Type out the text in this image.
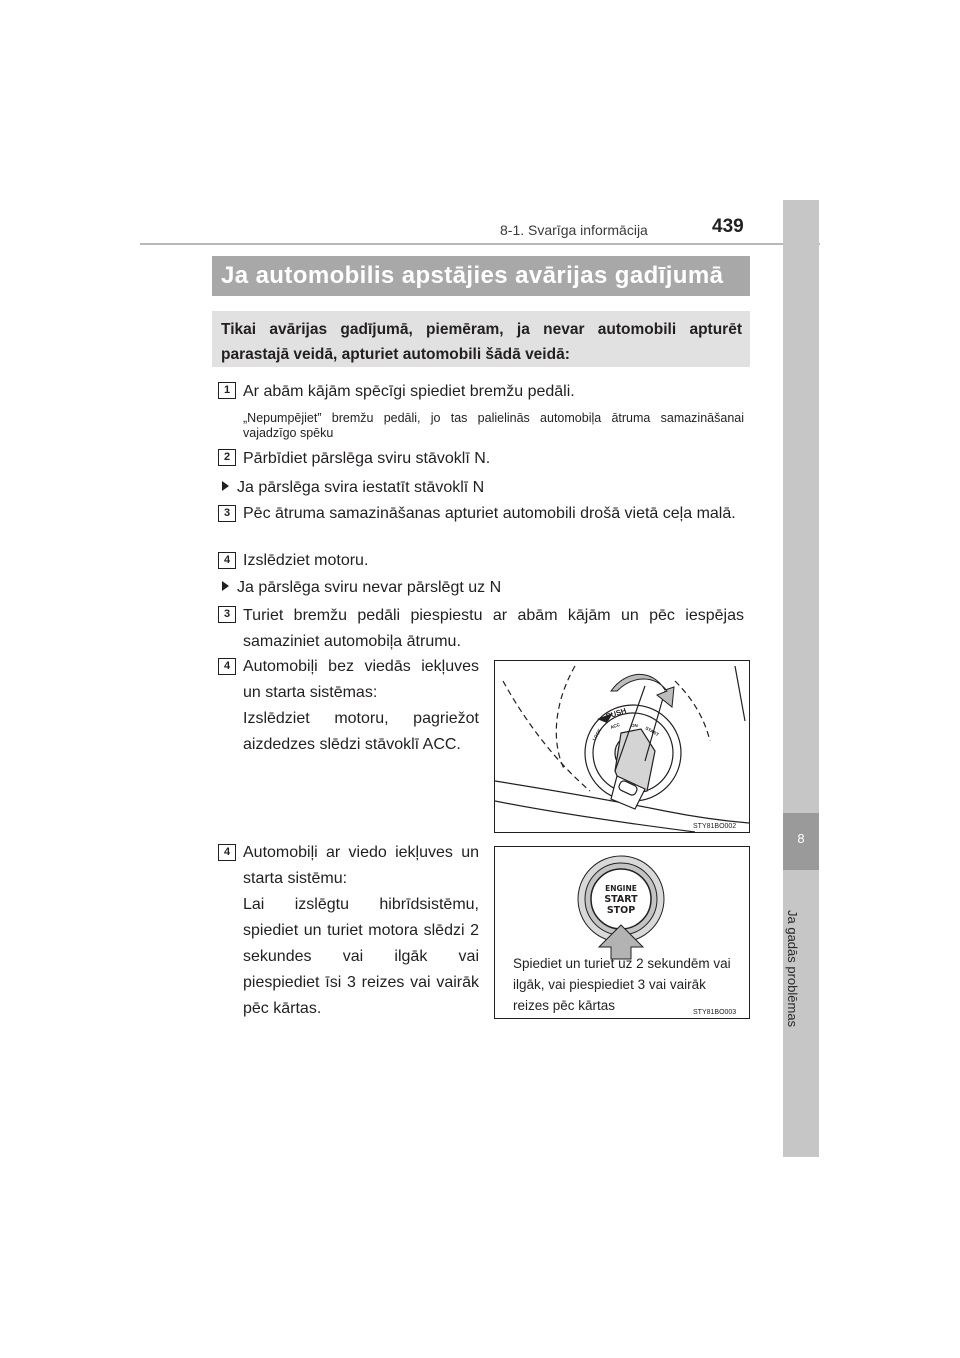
8-1. Svarīga informācija	439
8
Ja gadās problēmas
Ja automobilis apstājies avārijas gadījumā
Tikai avārijas gadījumā, piemēram, ja nevar automobili apturēt parastajā veidā, apturiet automobili šādā veidā:
1 Ar abām kājām spēcīgi spiediet bremžu pedāli.
„Nepumpējiet” bremžu pedāli, jo tas palielinās automobiļa ātruma samazināšanai vajadzīgo spēku
2 Pārbīdiet pārslēga sviru stāvoklī N.
Ja pārslēga svira iestatīt stāvoklī N
3 Pēc ātruma samazināšanas apturiet automobili drošā vietā ceļa malā.
4 Izslēdziet motoru.
Ja pārslēga sviru nevar pārslēgt uz N
3 Turiet bremžu pedāli piespiestu ar abām kājām un pēc iespējas samaziniet automobiļa ātrumu.
4 Automobiļi bez viedās iekļuves un starta sistēmas:
Izslēdziet motoru, pagriežot aizdedzes slēdzi stāvoklī ACC.
PUSH
LOCK
ACC ON
START
STY81BO002
4 Automobiļi ar viedo iekļuves un starta sistēmu:
Lai izslēgtu hibrīdsistēmu, spiediet un turiet motora slēdzi 2 sekundes vai ilgāk vai piespiediet īsi 3 reizes vai vairāk pēc kārtas.
ENGINE
START
STOP
STY81BO003
Spiediet un turiet uz 2 sekundēm vai ilgāk, vai piespiediet 3 vai vairāk reizes pēc kārtas
